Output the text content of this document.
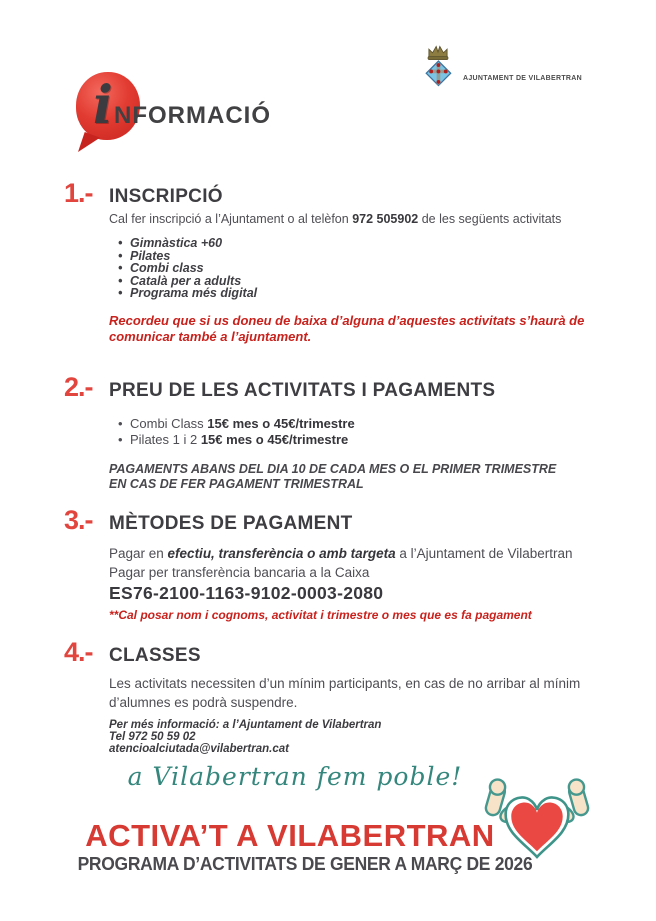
i NFORMACIÓ
AJUNTAMENT DE VILABERTRAN
1.- INSCRIPCIÓ

Cal fer inscripció a l’Ajuntament o al telèfon 972 505902 de les següents activitats

• Gimnàstica +60
• Pilates
• Combi class
• Català per a adults
• Programa més digital

Recordeu que si us doneu de baixa d’alguna d’aquestes activitats s’haurà de comunicar també a l’ajuntament.

2.- PREU DE LES ACTIVITATS I PAGAMENTS
• Combi Class 15€ mes o 45€/trimestre
• Pilates 1 i 2 15€ mes o 45€/trimestre
PAGAMENTS ABANS DEL DIA 10 DE CADA MES O EL PRIMER TRIMESTRE
EN CAS DE FER PAGAMENT TRIMESTRAL
3.- MÈTODES DE PAGAMENT

Pagar en efectiu, transferència o amb targeta a l’Ajuntament de Vilabertran
Pagar per transferència bancaria a la Caixa

ES76-2100-1163-9102-0003-2080
**Cal posar nom i cognoms, activitat i trimestre o mes que es fa pagament
4.- CLASSES

Les activitats necessiten d’un mínim participants, en cas de no arribar al mínim d’alumnes es podrà suspendre.

Per més informació: a l’Ajuntament de Vilabertran
Tel 972 50 59 02
atencioalciutada@vilabertran.cat
a Vilabertran fem poble!
ACTIVA’T A VILABERTRAN
PROGRAMA D’ACTIVITATS DE GENER A MARÇ DE 2026
